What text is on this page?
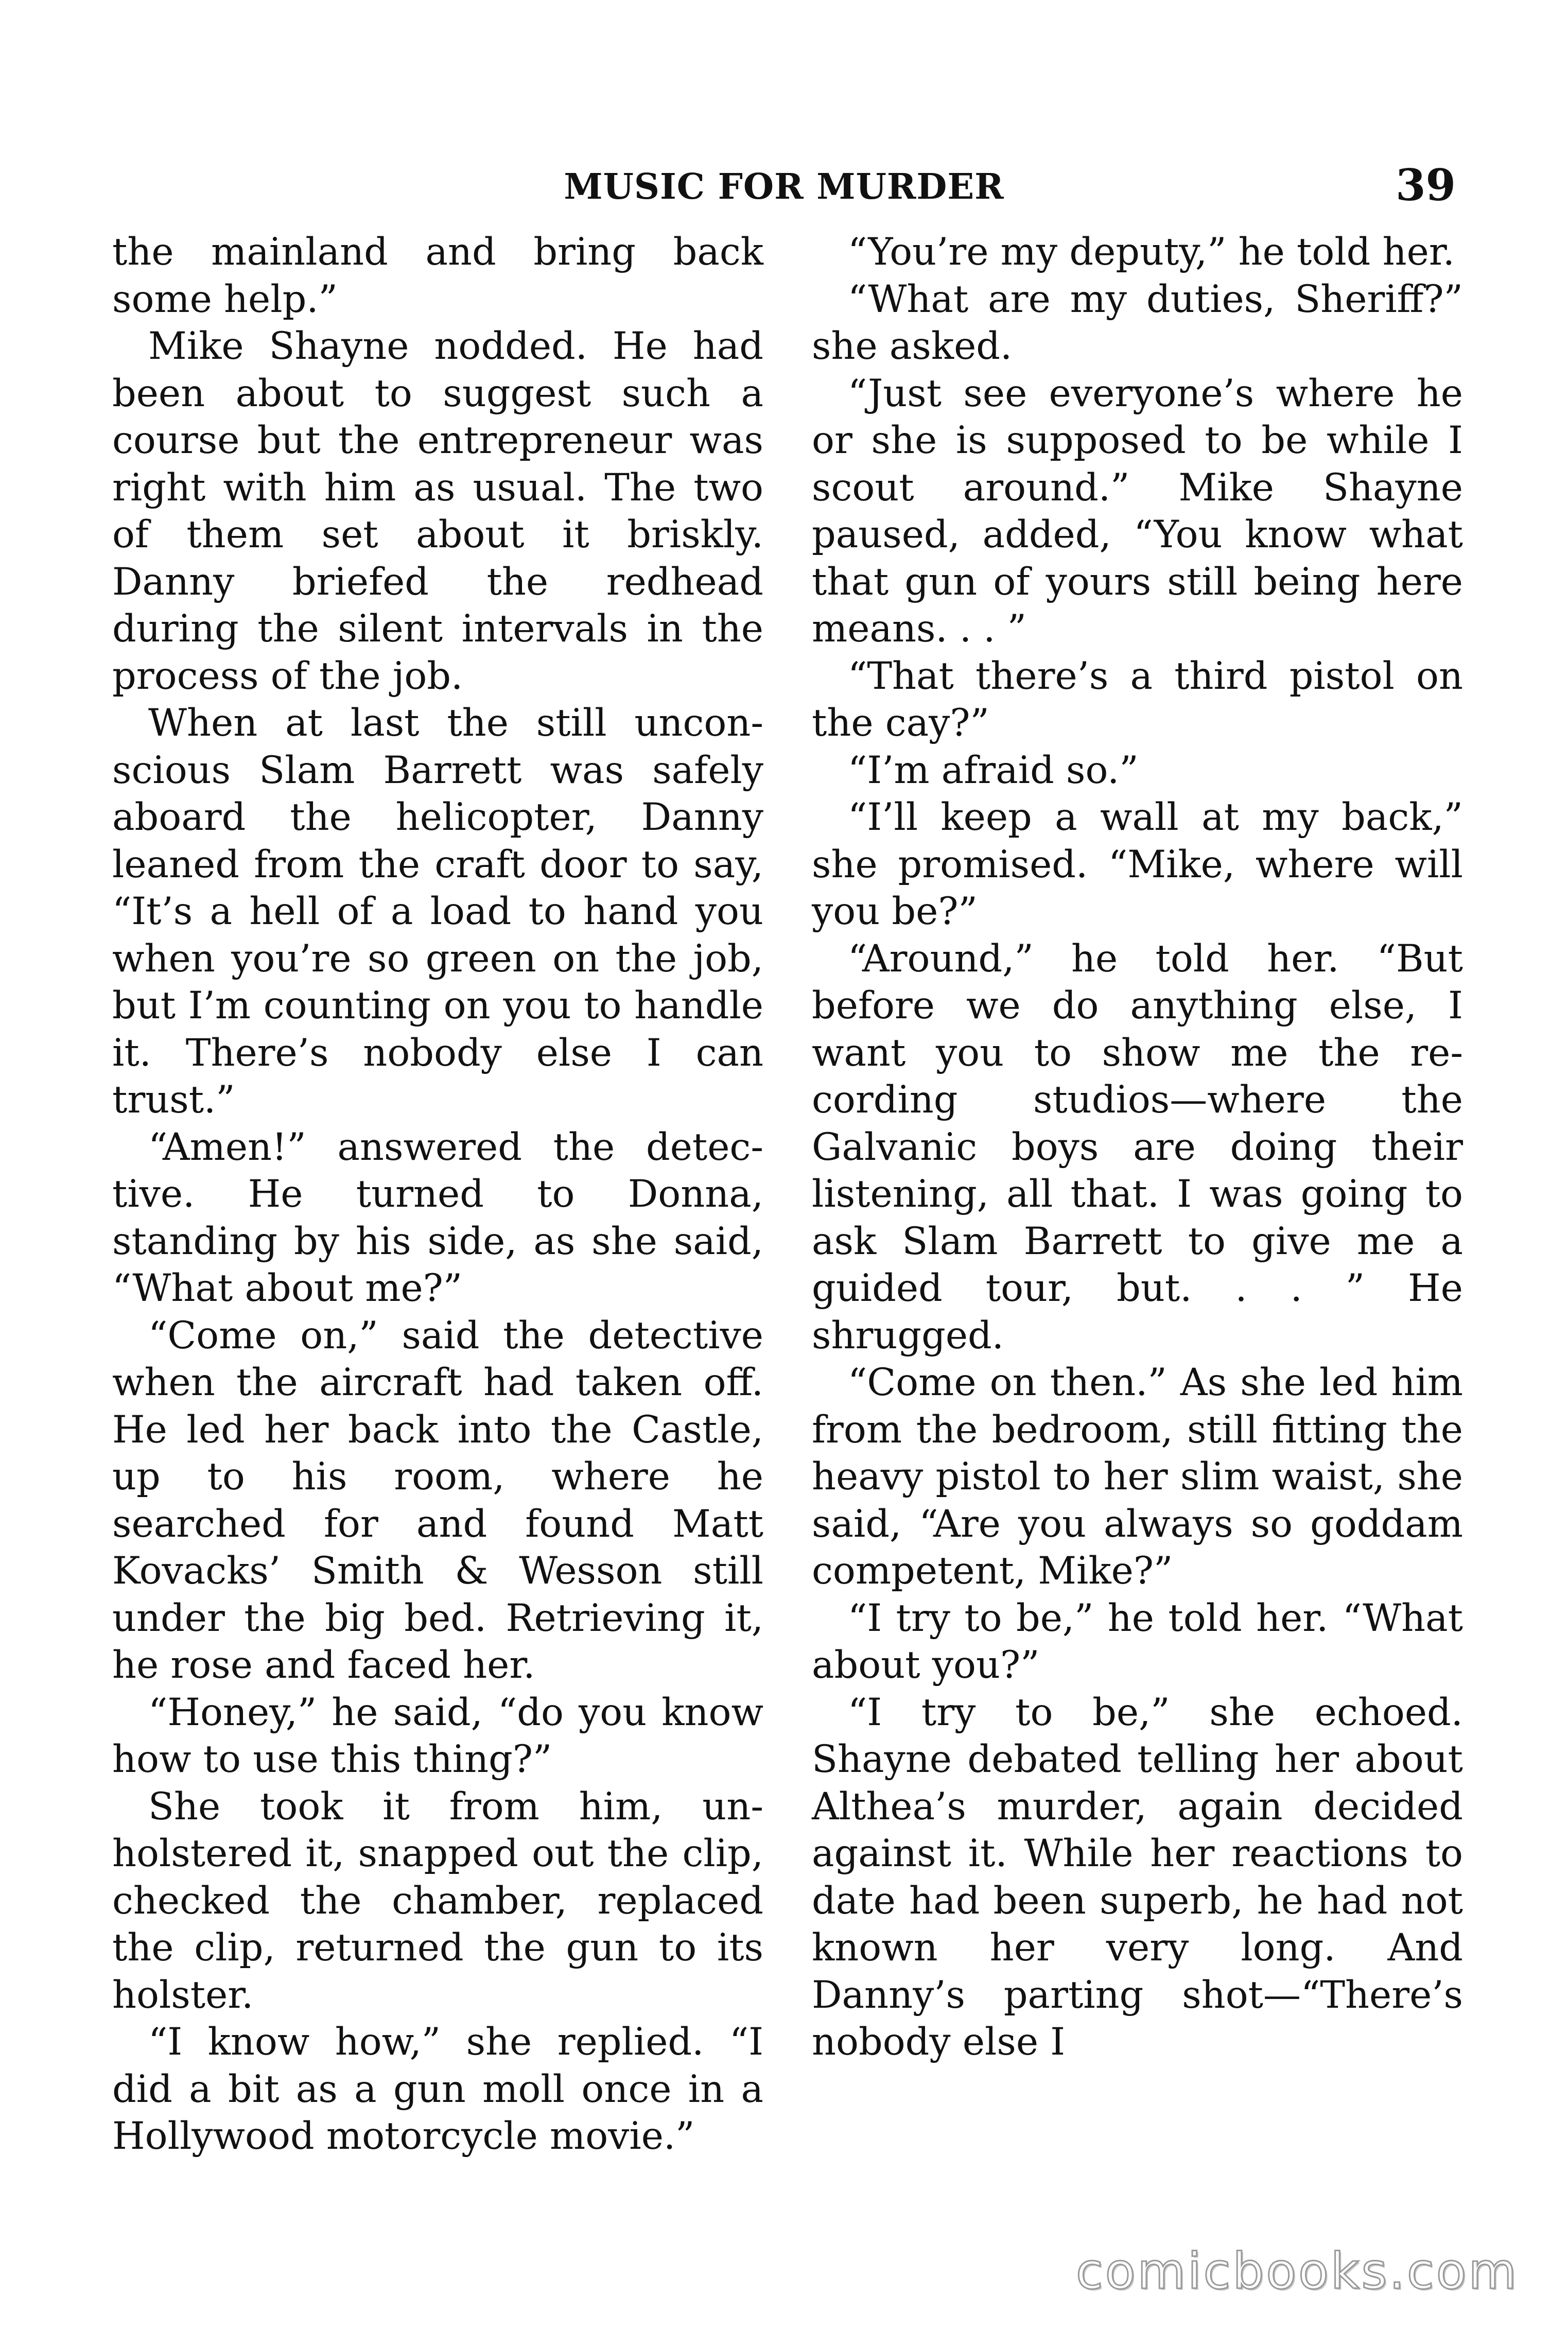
MUSIC FOR MURDER	39

the mainland and bring back some help.”

Mike Shayne nodded. He had been about to suggest such a course but the entrepreneur was right with him as usual. The two of them set about it briskly. Danny briefed the redhead during the silent intervals in the process of the job.

When at last the still unconscious Slam Barrett was safely aboard the helicopter, Danny leaned from the craft door to say, “It’s a hell of a load to hand you when you’re so green on the job, but I’m counting on you to handle it. There’s nobody else I can trust.”

“Amen!” answered the detective. He turned to Donna, standing by his side, as she said, “What about me?”

“Come on,” said the detective when the aircraft had taken off. He led her back into the Castle, up to his room, where he searched for and found Matt Kovacks’ Smith & Wesson still under the big bed. Retrieving it, he rose and faced her.

“Honey,” he said, “do you know how to use this thing?”

She took it from him, unholstered it, snapped out the clip, checked the chamber, replaced the clip, returned the gun to its holster.

“I know how,” she replied. “I did a bit as a gun moll once in a Hollywood motorcycle movie.”

“You’re my deputy,” he told her.

“What are my duties, Sheriff?” she asked.

“Just see everyone’s where he or she is supposed to be while I scout around.” Mike Shayne paused, added, “You know what that gun of yours still being here means. . . ”

“That there’s a third pistol on the cay?”

“I’m afraid so.”

“I’ll keep a wall at my back,” she promised. “Mike, where will you be?”

“Around,” he told her. “But before we do anything else, I want you to show me the recording studios—where the Galvanic boys are doing their listening, all that. I was going to ask Slam Barrett to give me a guided tour, but. . . ” He shrugged.

“Come on then.” As she led him from the bedroom, still fitting the heavy pistol to her slim waist, she said, “Are you always so goddam competent, Mike?”

“I try to be,” he told her. “What about you?”

“I try to be,” she echoed. Shayne debated telling her about Althea’s murder, again decided against it. While her reactions to date had been superb, he had not known her very long. And Danny’s parting shot—“There’s nobody else I

comicbooks.com
